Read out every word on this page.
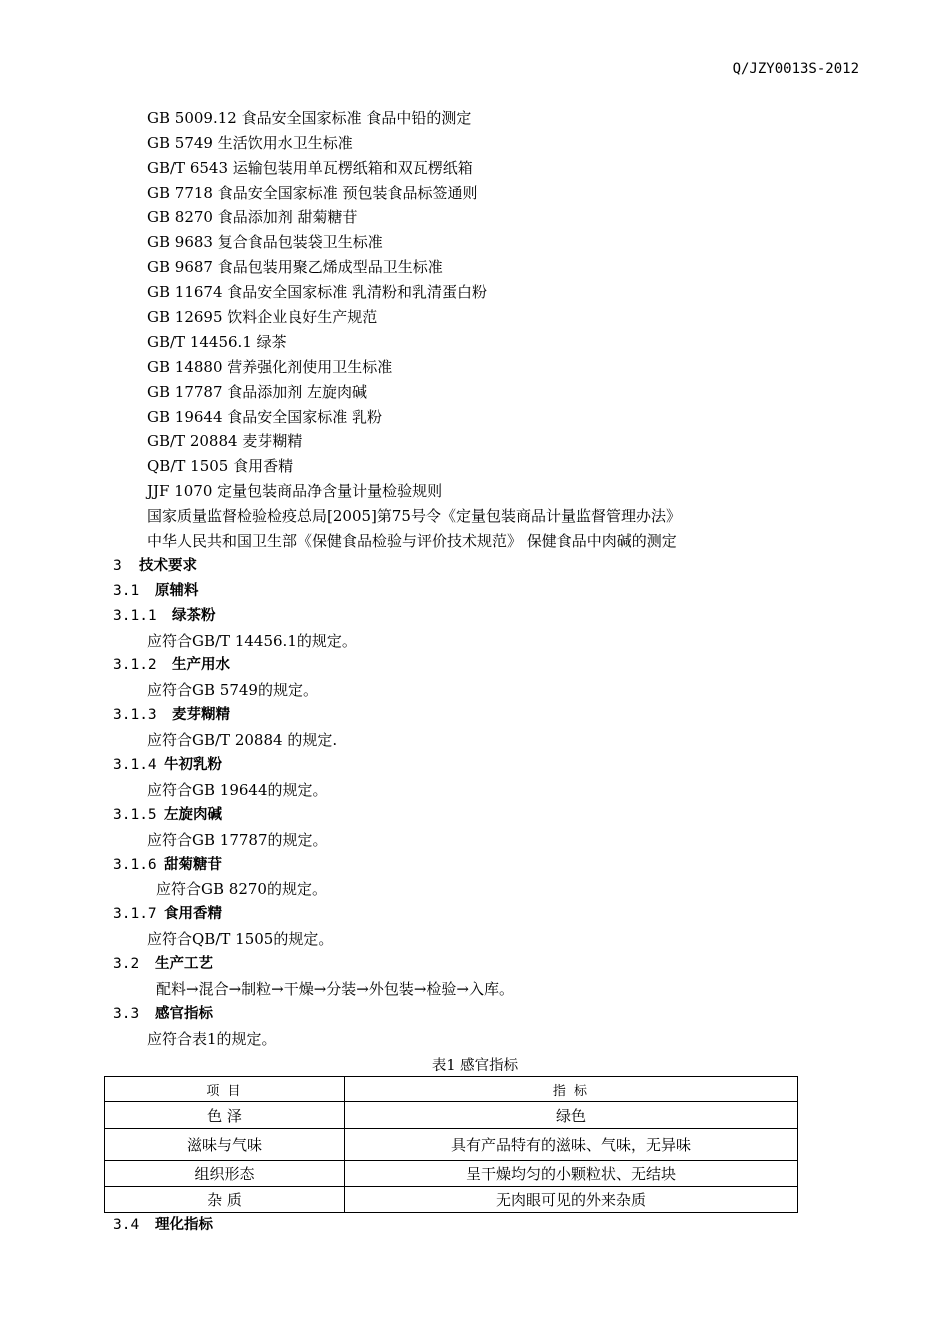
Q/JZY0013S-2012
GB 5009.12 食品安全国家标准 食品中铅的测定
GB 5749 生活饮用水卫生标准
GB/T 6543 运输包装用单瓦楞纸箱和双瓦楞纸箱
GB 7718 食品安全国家标准 预包装食品标签通则
GB 8270 食品添加剂 甜菊糖苷
GB 9683 复合食品包装袋卫生标准
GB 9687 食品包装用聚乙烯成型品卫生标准
GB 11674 食品安全国家标准 乳清粉和乳清蛋白粉
GB 12695 饮料企业良好生产规范
GB/T 14456.1 绿茶
GB 14880 营养强化剂使用卫生标准
GB 17787 食品添加剂 左旋肉碱
GB 19644 食品安全国家标准 乳粉
GB/T 20884 麦芽糊精
QB/T 1505 食用香精
JJF 1070 定量包装商品净含量计量检验规则
国家质量监督检验检疫总局[2005]第75号令《定量包装商品计量监督管理办法》
中华人民共和国卫生部《保健食品检验与评价技术规范》 保健食品中肉碱的测定
3 技术要求
3.1 原辅料
3.1.1 绿茶粉
应符合GB/T 14456.1的规定。
3.1.2 生产用水
应符合GB 5749的规定。
3.1.3 麦芽糊精
应符合GB/T 20884 的规定.
3.1.4 牛初乳粉
应符合GB 19644的规定。
3.1.5 左旋肉碱
应符合GB 17787的规定。
3.1.6 甜菊糖苷
应符合GB 8270的规定。
3.1.7 食用香精
应符合QB/T 1505的规定。
3.2 生产工艺
配料→混合→制粒→干燥→分装→外包装→检验→入库。
3.3 感官指标
应符合表1的规定。
表1 感官指标
项 目	指 标
色 泽	绿色
滋味与气味	具有产品特有的滋味、气味，无异味
组织形态	呈干燥均匀的小颗粒状、无结块
杂 质	无肉眼可见的外来杂质
3.4 理化指标
